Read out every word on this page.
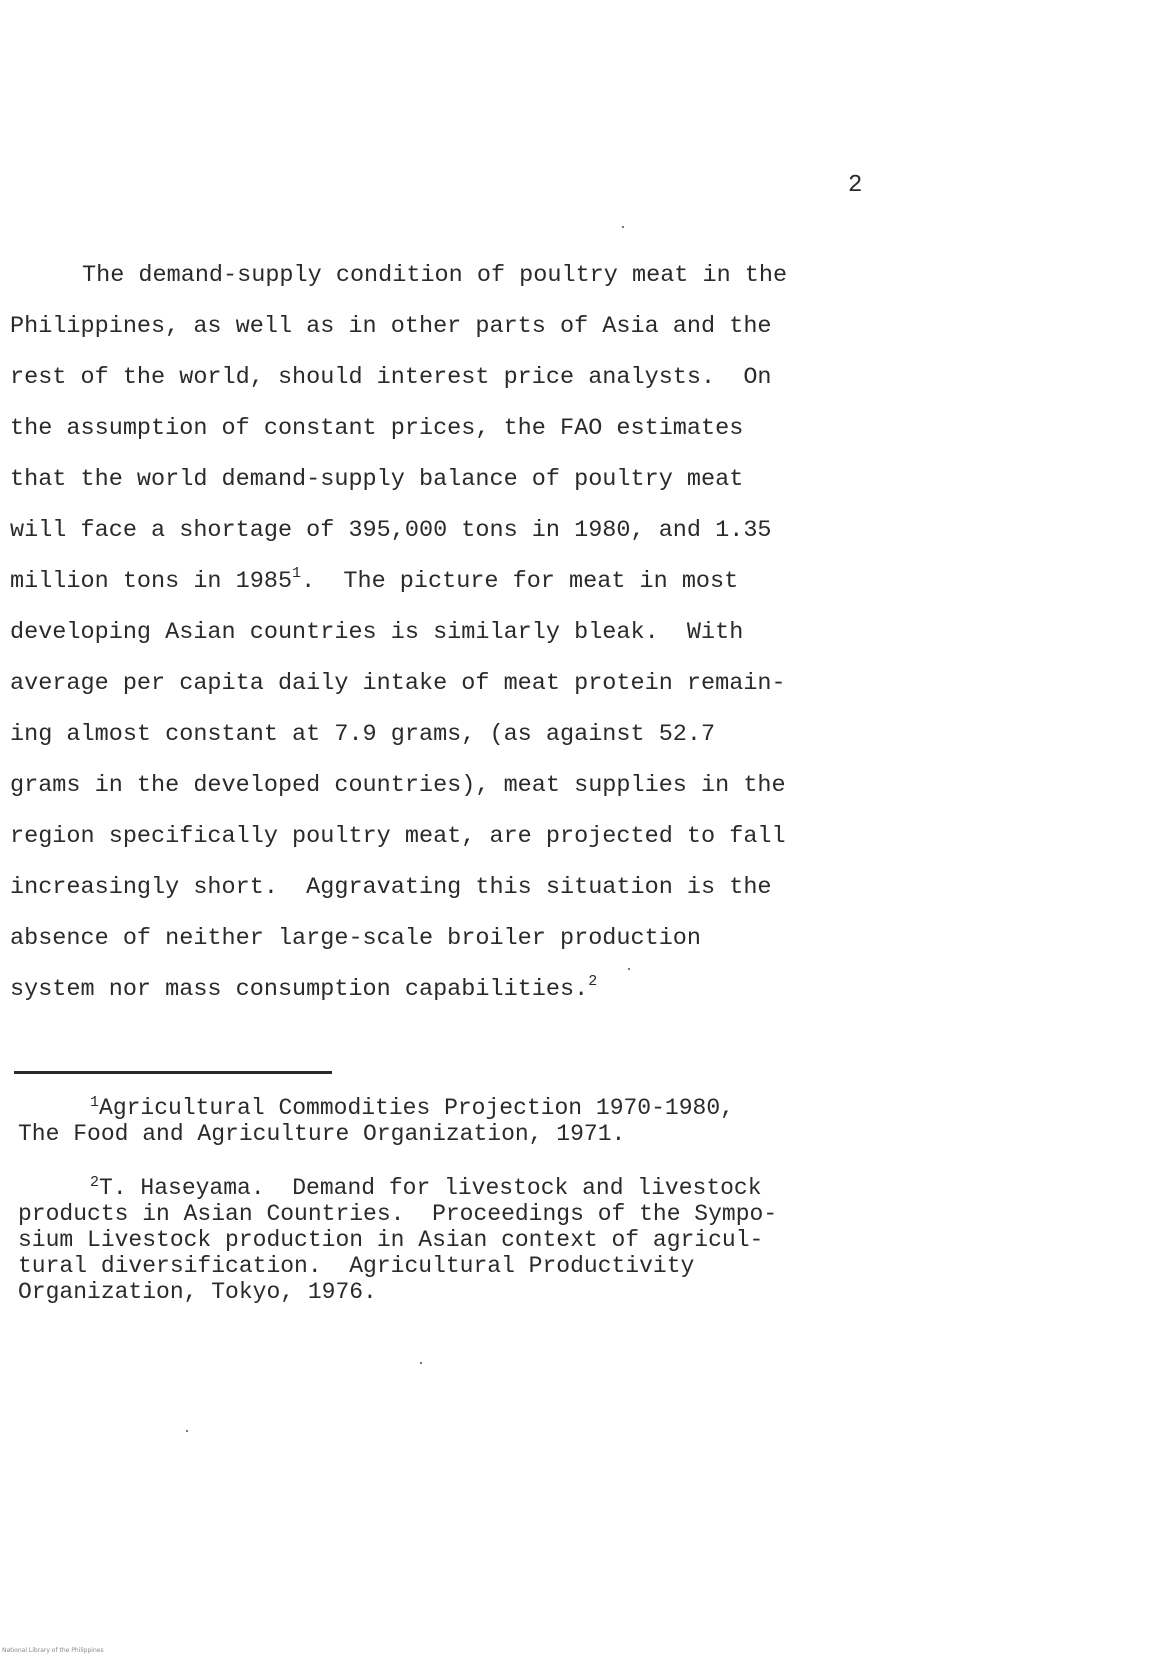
2
The demand-supply condition of poultry meat in the
Philippines, as well as in other parts of Asia and the
rest of the world, should interest price analysts.  On
the assumption of constant prices, the FAO estimates
that the world demand-supply balance of poultry meat
will face a shortage of 395,000 tons in 1980, and 1.35
million tons in 1985$^1$.  The picture for meat in most
developing Asian countries is similarly bleak.  With
average per capita daily intake of meat protein remain-
ing almost constant at 7.9 grams, (as against 52.7
grams in the developed countries), meat supplies in the
region specifically poultry meat, are projected to fall
increasingly short.  Aggravating this situation is the
absence of neither large-scale broiler production
system nor mass consumption capabilities.$^2$
$^1$Agricultural Commodities Projection 1970-1980,
The Food and Agriculture Organization, 1971.
$^2$T. Haseyama.  Demand for livestock and livestock
products in Asian Countries.  Proceedings of the Sympo-
sium Livestock production in Asian context of agricul-
tural diversification.  Agricultural Productivity
Organization, Tokyo, 1976.
National Library of the Philippines
